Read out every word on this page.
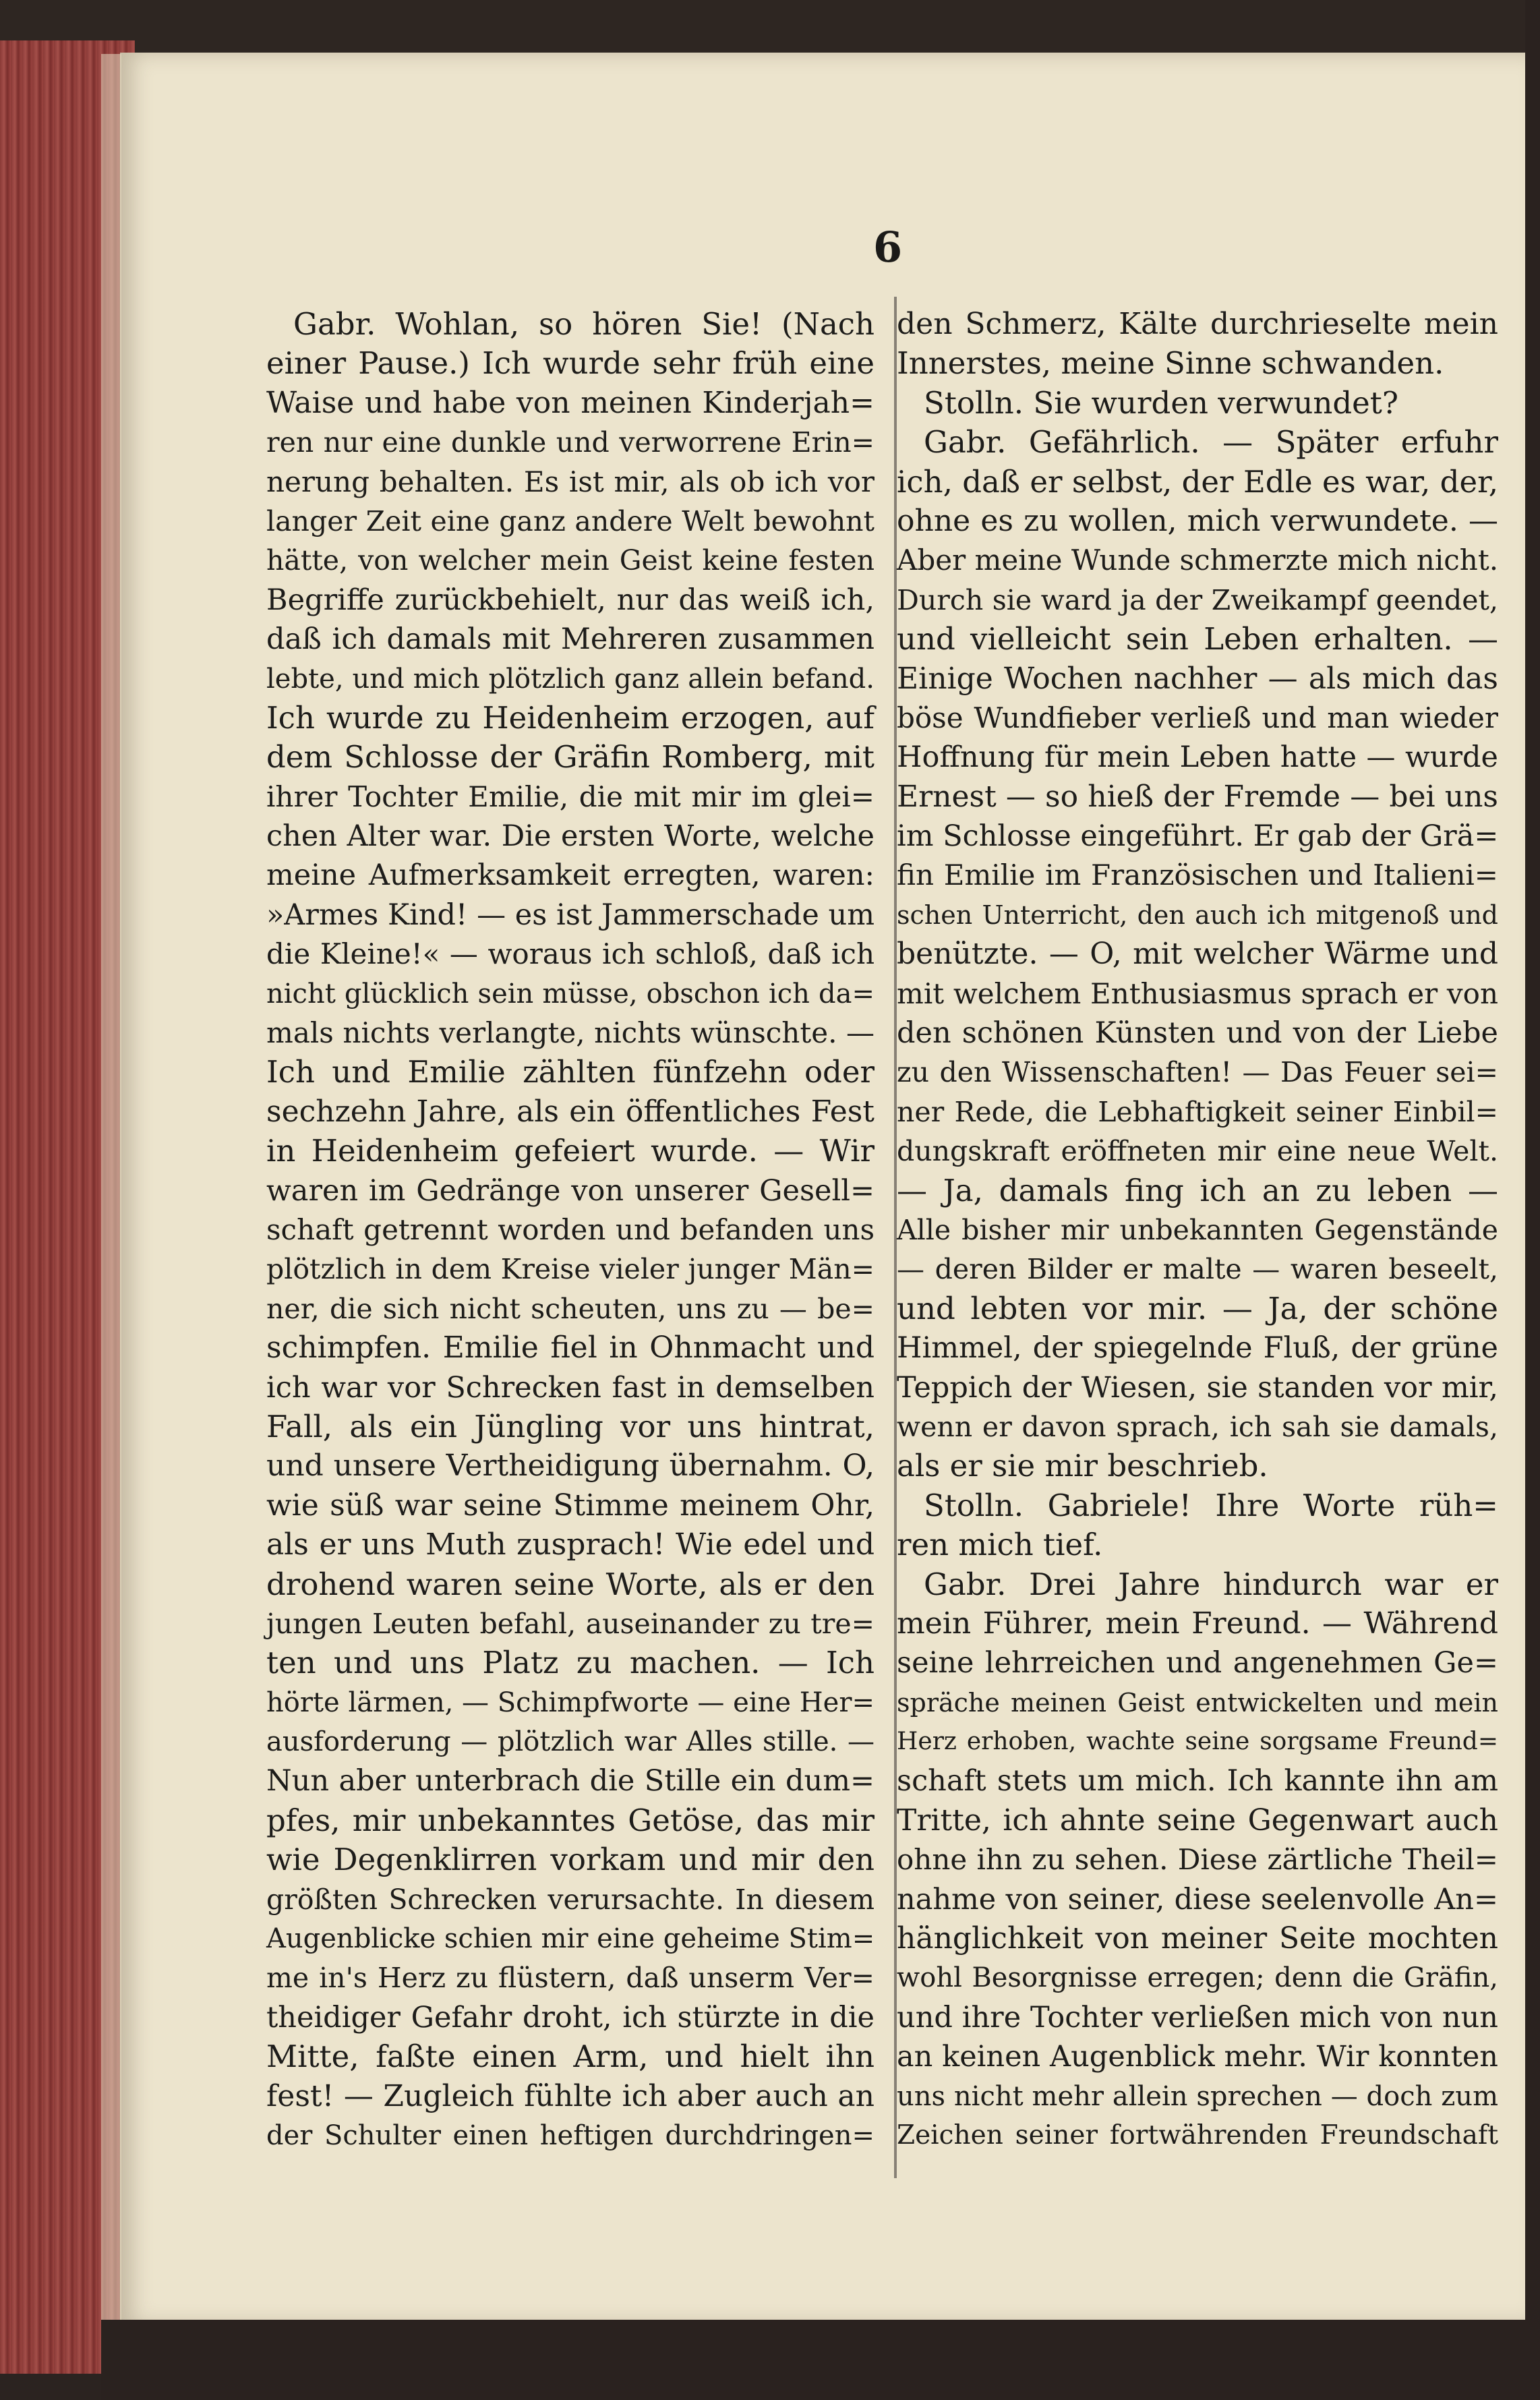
6
Gabr. Wohlan, so hören Sie! (Nach
einer Pause.) Ich wurde sehr früh eine
Waise und habe von meinen Kinderjah=
ren nur eine dunkle und verworrene Erin=
nerung behalten. Es ist mir, als ob ich vor
langer Zeit eine ganz andere Welt bewohnt
hätte, von welcher mein Geist keine festen
Begriffe zurückbehielt, nur das weiß ich,
daß ich damals mit Mehreren zusammen
lebte, und mich plötzlich ganz allein befand.
Ich wurde zu Heidenheim erzogen, auf
dem Schlosse der Gräfin Romberg, mit
ihrer Tochter Emilie, die mit mir im glei=
chen Alter war. Die ersten Worte, welche
meine Aufmerksamkeit erregten, waren:
»Armes Kind! — es ist Jammerschade um
die Kleine!« — woraus ich schloß, daß ich
nicht glücklich sein müsse, obschon ich da=
mals nichts verlangte, nichts wünschte. —
Ich und Emilie zählten fünfzehn oder
sechzehn Jahre, als ein öffentliches Fest
in Heidenheim gefeiert wurde. — Wir
waren im Gedränge von unserer Gesell=
schaft getrennt worden und befanden uns
plötzlich in dem Kreise vieler junger Män=
ner, die sich nicht scheuten, uns zu — be=
schimpfen. Emilie fiel in Ohnmacht und
ich war vor Schrecken fast in demselben
Fall, als ein Jüngling vor uns hintrat,
und unsere Vertheidigung übernahm. O,
wie süß war seine Stimme meinem Ohr,
als er uns Muth zusprach! Wie edel und
drohend waren seine Worte, als er den
jungen Leuten befahl, auseinander zu tre=
ten und uns Platz zu machen. — Ich
hörte lärmen, — Schimpfworte — eine Her=
ausforderung — plötzlich war Alles stille. —
Nun aber unterbrach die Stille ein dum=
pfes, mir unbekanntes Getöse, das mir
wie Degenklirren vorkam und mir den
größten Schrecken verursachte. In diesem
Augenblicke schien mir eine geheime Stim=
me in's Herz zu flüstern, daß unserm Ver=
theidiger Gefahr droht, ich stürzte in die
Mitte, faßte einen Arm, und hielt ihn
fest! — Zugleich fühlte ich aber auch an
der Schulter einen heftigen durchdringen=
den Schmerz, Kälte durchrieselte mein
Innerstes, meine Sinne schwanden.
Stolln. Sie wurden verwundet?
Gabr. Gefährlich. — Später erfuhr
ich, daß er selbst, der Edle es war, der,
ohne es zu wollen, mich verwundete. —
Aber meine Wunde schmerzte mich nicht.
Durch sie ward ja der Zweikampf geendet,
und vielleicht sein Leben erhalten. —
Einige Wochen nachher — als mich das
böse Wundfieber verließ und man wieder
Hoffnung für mein Leben hatte — wurde
Ernest — so hieß der Fremde — bei uns
im Schlosse eingeführt. Er gab der Grä=
fin Emilie im Französischen und Italieni=
schen Unterricht, den auch ich mitgenoß und
benützte. — O, mit welcher Wärme und
mit welchem Enthusiasmus sprach er von
den schönen Künsten und von der Liebe
zu den Wissenschaften! — Das Feuer sei=
ner Rede, die Lebhaftigkeit seiner Einbil=
dungskraft eröffneten mir eine neue Welt.
— Ja, damals fing ich an zu leben —
Alle bisher mir unbekannten Gegenstände
— deren Bilder er malte — waren beseelt,
und lebten vor mir. — Ja, der schöne
Himmel, der spiegelnde Fluß, der grüne
Teppich der Wiesen, sie standen vor mir,
wenn er davon sprach, ich sah sie damals,
als er sie mir beschrieb.
Stolln. Gabriele! Ihre Worte rüh=
ren mich tief.
Gabr. Drei Jahre hindurch war er
mein Führer, mein Freund. — Während
seine lehrreichen und angenehmen Ge=
spräche meinen Geist entwickelten und mein
Herz erhoben, wachte seine sorgsame Freund=
schaft stets um mich. Ich kannte ihn am
Tritte, ich ahnte seine Gegenwart auch
ohne ihn zu sehen. Diese zärtliche Theil=
nahme von seiner, diese seelenvolle An=
hänglichkeit von meiner Seite mochten
wohl Besorgnisse erregen; denn die Gräfin,
und ihre Tochter verließen mich von nun
an keinen Augenblick mehr. Wir konnten
uns nicht mehr allein sprechen — doch zum
Zeichen seiner fortwährenden Freundschaft
